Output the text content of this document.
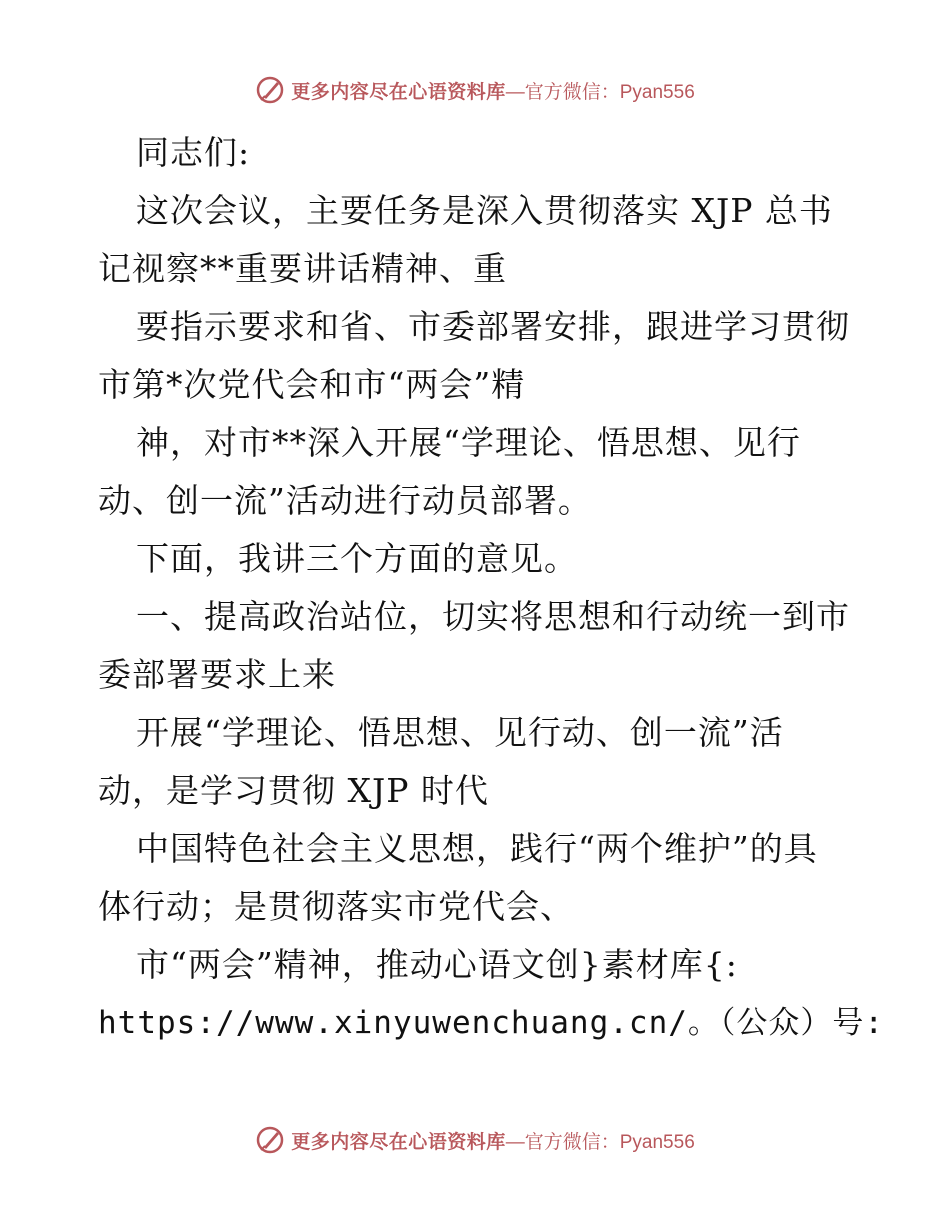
更多内容尽在心语资料库 —官方微信：Pyan556
同志们:
这次会议，主要任务是深入贯彻落实 XJP 总书
记视察**重要讲话精神、重
要指示要求和省、市委部署安排，跟进学习贯彻
市第*次党代会和市“两会”精
神，对市**深入开展“学理论、悟思想、见行
动、创一流”活动进行动员部署。
下面，我讲三个方面的意见。
一、提高政治站位，切实将思想和行动统一到市
委部署要求上来
开展“学理论、悟思想、见行动、创一流”活
动，是学习贯彻 XJP 时代
中国特色社会主义思想，践行“两个维护”的具
体行动；是贯彻落实市党代会、
市“两会”精神，推动心语文创}素材库{:
https://www.xinyuwenchuang.cn/。（公众）号:
更多内容尽在心语资料库 —官方微信：Pyan556
